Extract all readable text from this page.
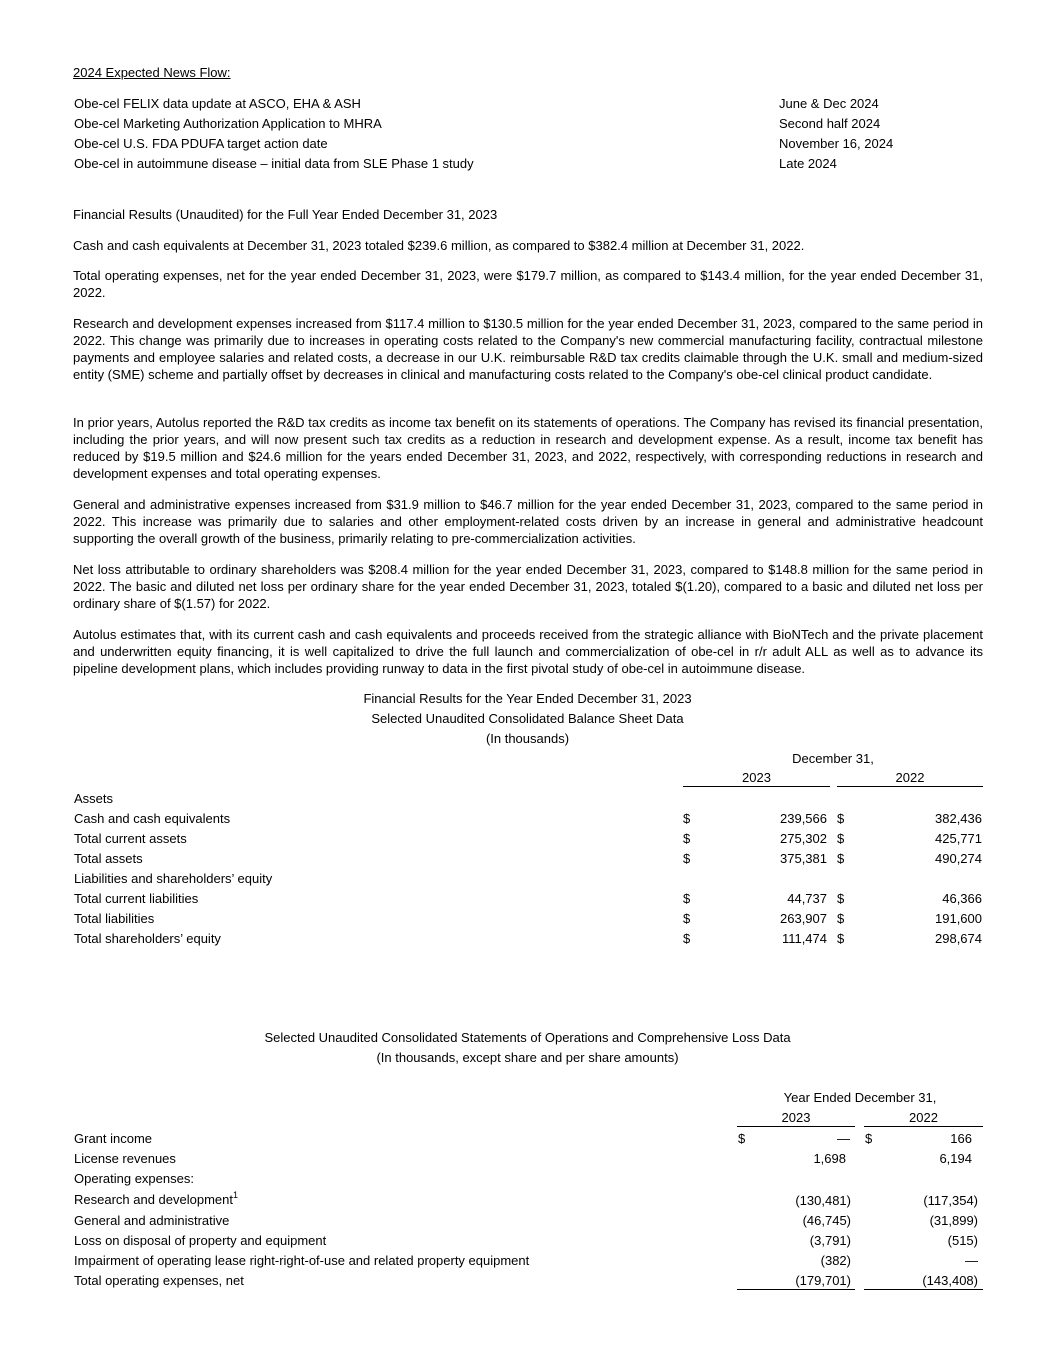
2024 Expected News Flow:
Obe-cel FELIX data update at ASCO, EHA & ASH	June & Dec 2024
Obe-cel Marketing Authorization Application to MHRA	Second half 2024
Obe-cel U.S. FDA PDUFA target action date	November 16, 2024
Obe-cel in autoimmune disease – initial data from SLE Phase 1 study	Late 2024
Financial Results (Unaudited) for the Full Year Ended December 31, 2023
Cash and cash equivalents at December 31, 2023 totaled $239.6 million, as compared to $382.4 million at December 31, 2022.
Total operating expenses, net for the year ended December 31, 2023, were $179.7 million, as compared to $143.4 million, for the year ended December 31, 2022.
Research and development expenses increased from $117.4 million to $130.5 million for the year ended December 31, 2023, compared to the same period in 2022. This change was primarily due to increases in operating costs related to the Company's new commercial manufacturing facility, contractual milestone payments and employee salaries and related costs, a decrease in our U.K. reimbursable R&D tax credits claimable through the U.K. small and medium-sized entity (SME) scheme and partially offset by decreases in clinical and manufacturing costs related to the Company's obe-cel clinical product candidate.
In prior years, Autolus reported the R&D tax credits as income tax benefit on its statements of operations. The Company has revised its financial presentation, including the prior years, and will now present such tax credits as a reduction in research and development expense. As a result, income tax benefit has reduced by $19.5 million and $24.6 million for the years ended December 31, 2023, and 2022, respectively, with corresponding reductions in research and development expenses and total operating expenses.
General and administrative expenses increased from $31.9 million to $46.7 million for the year ended December 31, 2023, compared to the same period in 2022. This increase was primarily due to salaries and other employment-related costs driven by an increase in general and administrative headcount supporting the overall growth of the business, primarily relating to pre-commercialization activities.
Net loss attributable to ordinary shareholders was $208.4 million for the year ended December 31, 2023, compared to $148.8 million for the same period in 2022. The basic and diluted net loss per ordinary share for the year ended December 31, 2023, totaled $(1.20), compared to a basic and diluted net loss per ordinary share of $(1.57) for 2022.
Autolus estimates that, with its current cash and cash equivalents and proceeds received from the strategic alliance with BioNTech and the private placement and underwritten equity financing, it is well capitalized to drive the full launch and commercialization of obe-cel in r/r adult ALL as well as to advance its pipeline development plans, which includes providing runway to data in the first pivotal study of obe-cel in autoimmune disease.
Financial Results for the Year Ended December 31, 2023
Selected Unaudited Consolidated Balance Sheet Data
(In thousands)
December 31,
2023	2022
Assets
Cash and cash equivalents	$	239,566 $	382,436
Total current assets	$	275,302 $	425,771
Total assets	$	375,381 $	490,274
Liabilities and shareholders’ equity
Total current liabilities	$	44,737 $	46,366
Total liabilities	$	263,907 $	191,600
Total shareholders’ equity	$	111,474 $	298,674
Selected Unaudited Consolidated Statements of Operations and Comprehensive Loss Data
(In thousands, except share and per share amounts)
Year Ended December 31,
2023	2022
Grant income	$	— $	166
License revenues	1,698	6,194
Operating expenses:
Research and development$^1$	(130,481)	(117,354)
General and administrative	(46,745)	(31,899)
Loss on disposal of property and equipment	(3,791)	(515)
Impairment of operating lease right-right-of-use and related property equipment	(382)	—
Total operating expenses, net	(179,701)	(143,408)
